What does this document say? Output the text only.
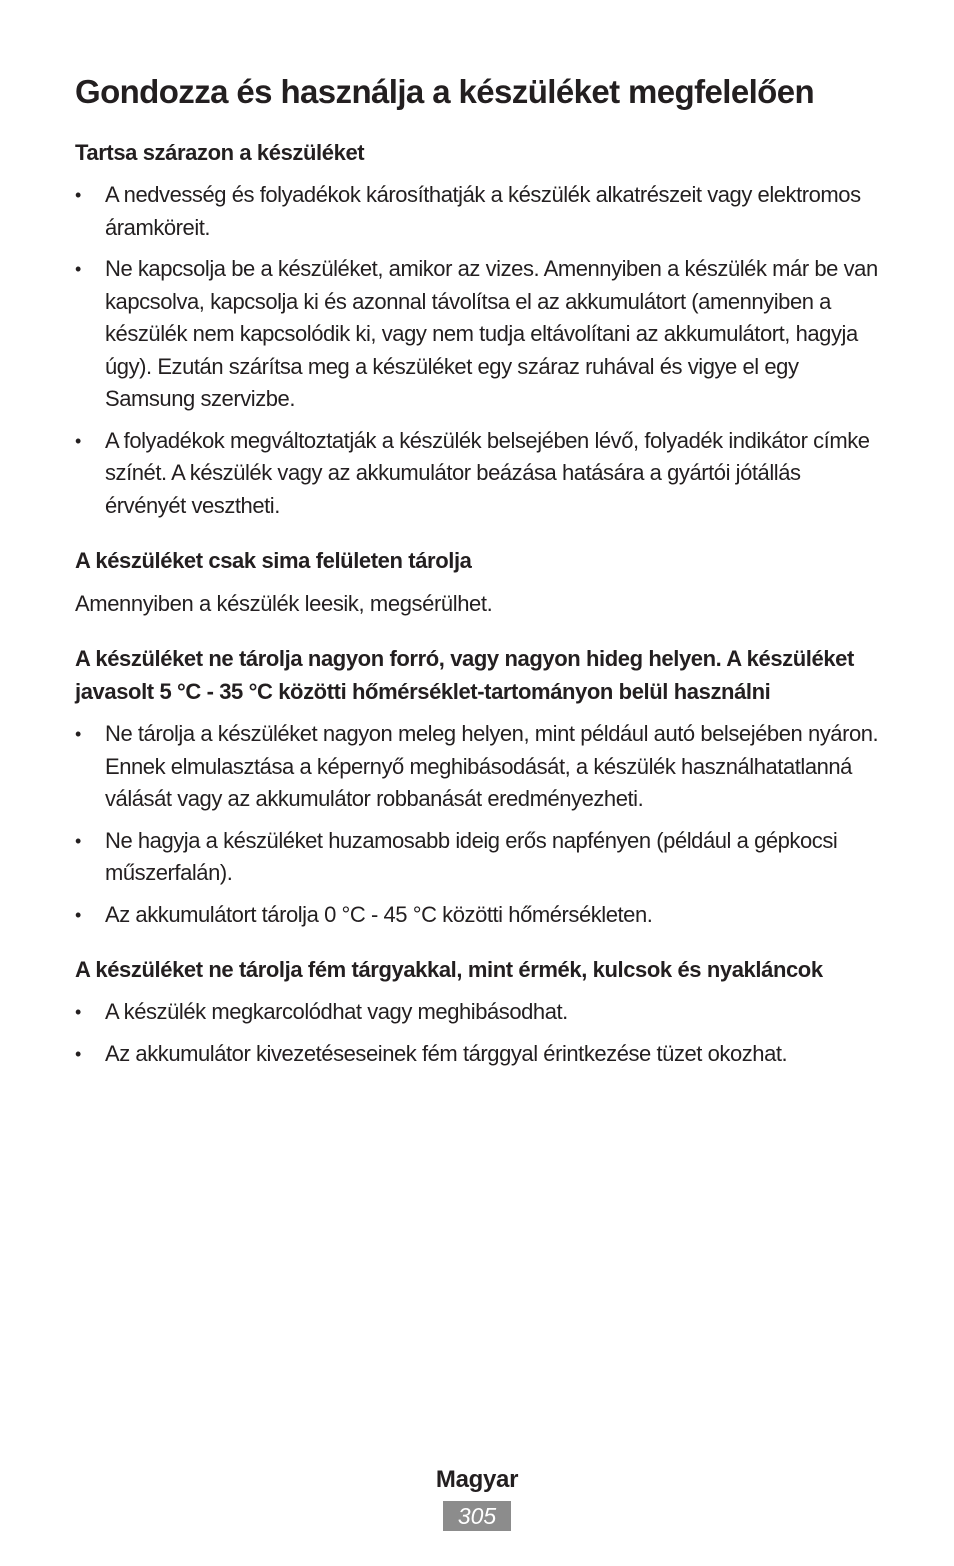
Gondozza és használja a készüléket megfelelően
Tartsa szárazon a készüléket
• A nedvesség és folyadékok károsíthatják a készülék alkatrészeit vagy elektromos áramköreit.
• Ne kapcsolja be a készüléket, amikor az vizes. Amennyiben a készülék már be van kapcsolva, kapcsolja ki és azonnal távolítsa el az akkumulátort (amennyiben a készülék nem kapcsolódik ki, vagy nem tudja eltávolítani az akkumulátort, hagyja úgy). Ezután szárítsa meg a készüléket egy száraz ruhával és vigye el egy Samsung szervizbe.
• A folyadékok megváltoztatják a készülék belsejében lévő, folyadék indikátor címke színét. A készülék vagy az akkumulátor beázása hatására a gyártói jótállás érvényét vesztheti.
A készüléket csak sima felületen tárolja

Amennyiben a készülék leesik, megsérülhet.

A készüléket ne tárolja nagyon forró, vagy nagyon hideg helyen. A készüléket javasolt 5 °C - 35 °C közötti hőmérséklet-tartományon belül használni
• Ne tárolja a készüléket nagyon meleg helyen, mint például autó belsejében nyáron. Ennek elmulasztása a képernyő meghibásodását, a készülék használhatatlanná válását vagy az akkumulátor robbanását eredményezheti.
• Ne hagyja a készüléket huzamosabb ideig erős napfényen (például a gépkocsi műszerfalán).
• Az akkumulátort tárolja 0 °C - 45 °C közötti hőmérsékleten.
A készüléket ne tárolja fém tárgyakkal, mint érmék, kulcsok és nyakláncok
• A készülék megkarcolódhat vagy meghibásodhat.
• Az akkumulátor kivezetéseseinek fém tárggyal érintkezése tüzet okozhat.
Magyar
305
